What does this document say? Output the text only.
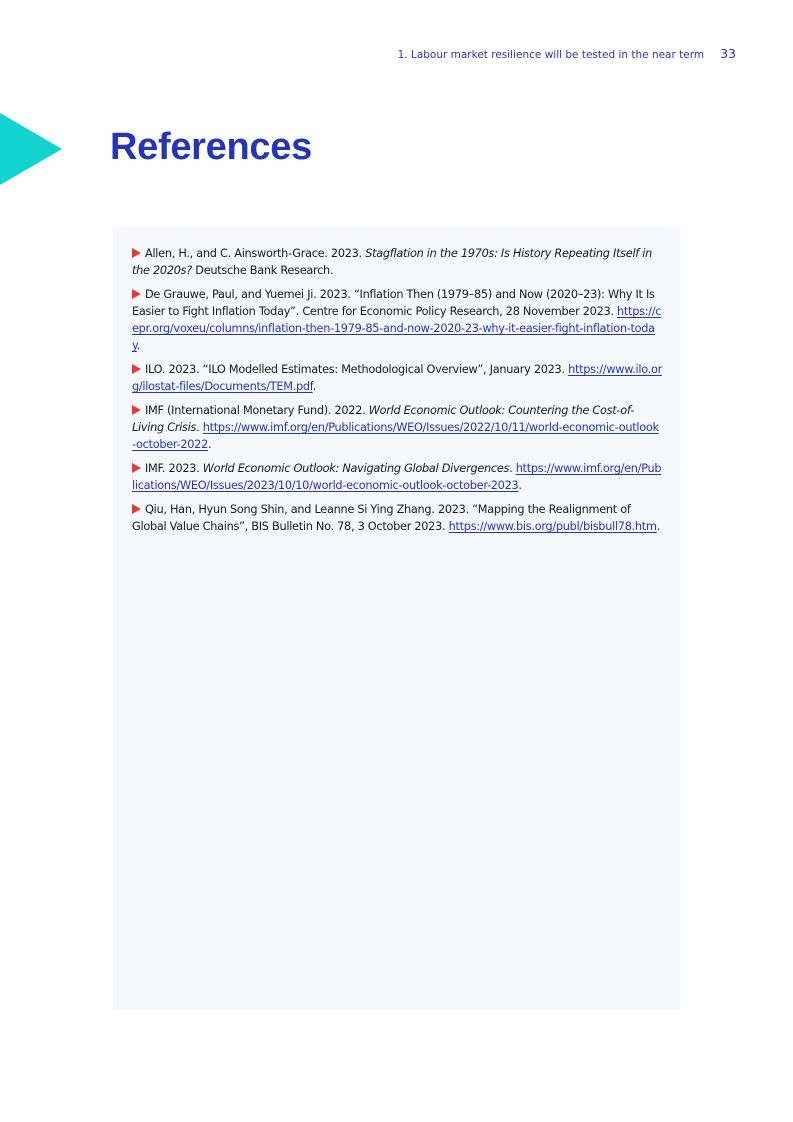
1. Labour market resilience will be tested in the near term 33
References
Allen, H., and C. Ainsworth-Grace. 2023. Stagflation in the 1970s: Is History Repeating Itself in the 2020s? Deutsche Bank Research.
De Grauwe, Paul, and Yuemei Ji. 2023. “Inflation Then (1979–85) and Now (2020–23): Why It Is Easier to Fight Inflation Today”. Centre for Economic Policy Research, 28 November 2023. https://cepr.org/voxeu/columns/inflation-then-1979-85-and-now-2020-23-why-it-easier-fight-inflation-today.
ILO. 2023. “ILO Modelled Estimates: Methodological Overview”, January 2023. https://www.ilo.org/ilostat-files/Documents/TEM.pdf.
IMF (International Monetary Fund). 2022. World Economic Outlook: Countering the Cost-of-Living Crisis. https://www.imf.org/en/Publications/WEO/Issues/2022/10/11/world-economic-outlook-october-2022.
IMF. 2023. World Economic Outlook: Navigating Global Divergences. https://www.imf.org/en/Publications/WEO/Issues/2023/10/10/world-economic-outlook-october-2023.
Qiu, Han, Hyun Song Shin, and Leanne Si Ying Zhang. 2023. “Mapping the Realignment of Global Value Chains”, BIS Bulletin No. 78, 3 October 2023. https://www.bis.org/publ/bisbull78.htm.
